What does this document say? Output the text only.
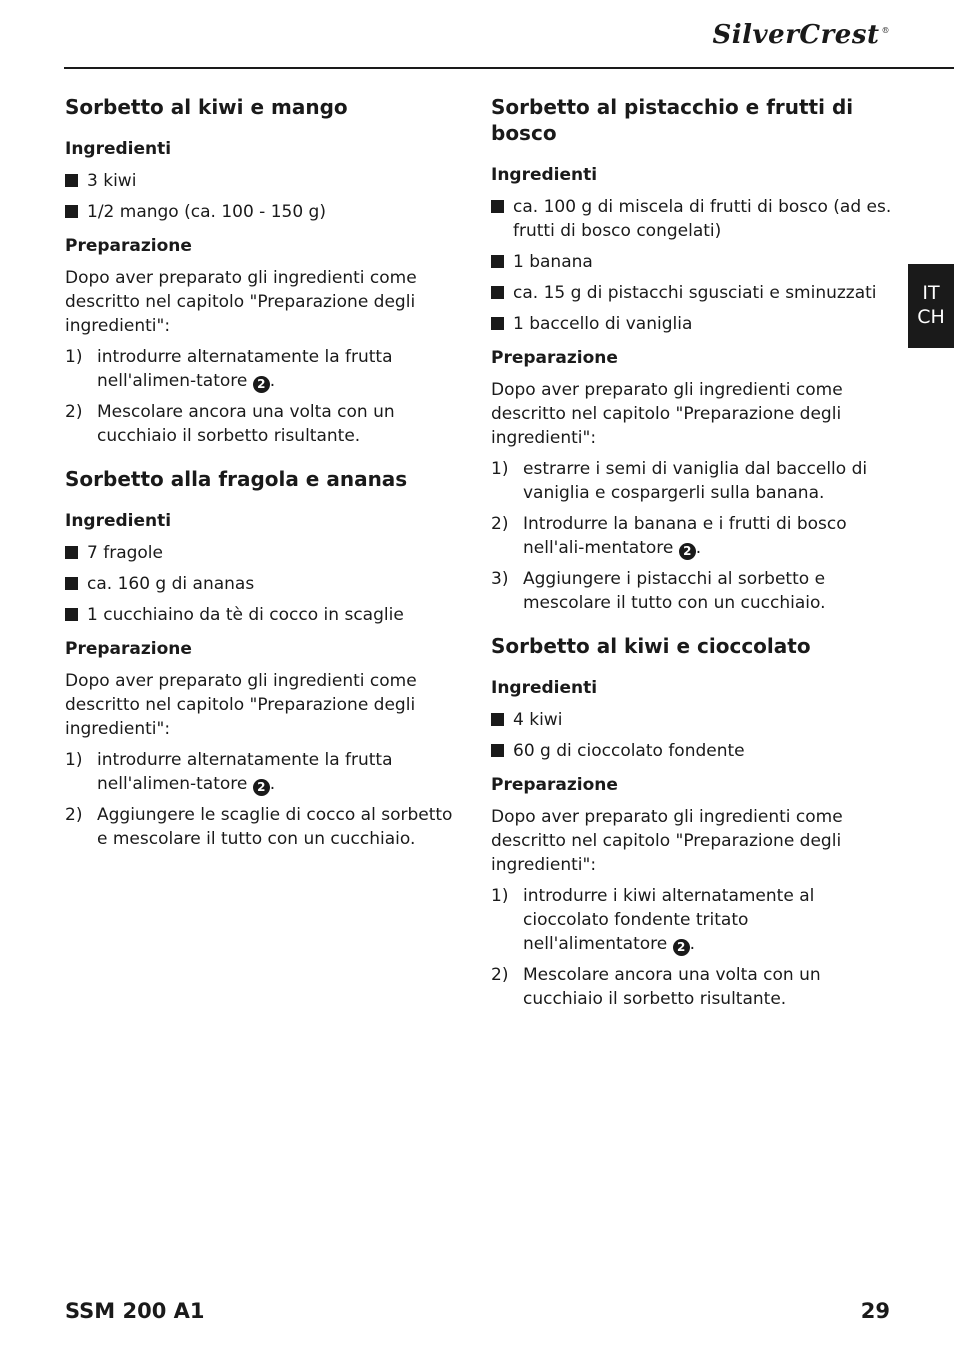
SilverCrest ®
IT
CH
Sorbetto al kiwi e mango
Ingredienti
3 kiwi
1/2 mango (ca. 100 - 150 g)
Preparazione

Dopo aver preparato gli ingredienti come descritto nel capitolo "Preparazione degli ingredienti":

1) introdurre alternatamente la frutta nell'alimen-tatore 2 .
2) Mescolare ancora una volta con un cucchiaio il sorbetto risultante.
Sorbetto alla fragola e ananas
Ingredienti
7 fragole
ca. 160 g di ananas
1 cucchiaino da tè di cocco in scaglie
Preparazione

Dopo aver preparato gli ingredienti come descritto nel capitolo "Preparazione degli ingredienti":

1) introdurre alternatamente la frutta nell'alimen-tatore 2 .
2) Aggiungere le scaglie di cocco al sorbetto e mescolare il tutto con un cucchiaio.
Sorbetto al pistacchio e frutti di bosco
Ingredienti
ca. 100 g di miscela di frutti di bosco (ad es. frutti di bosco congelati)
1 banana
ca. 15 g di pistacchi sgusciati e sminuzzati
1 baccello di vaniglia
Preparazione

Dopo aver preparato gli ingredienti come descritto nel capitolo "Preparazione degli ingredienti":

1) estrarre i semi di vaniglia dal baccello di vaniglia e cospargerli sulla banana.
2) Introdurre la banana e i frutti di bosco nell'ali-mentatore 2 .
3) Aggiungere i pistacchi al sorbetto e mescolare il tutto con un cucchiaio.
Sorbetto al kiwi e cioccolato
Ingredienti
4 kiwi
60 g di cioccolato fondente
Preparazione

Dopo aver preparato gli ingredienti come descritto nel capitolo "Preparazione degli ingredienti":

1) introdurre i kiwi alternatamente al cioccolato fondente tritato nell'alimentatore 2 .
2) Mescolare ancora una volta con un cucchiaio il sorbetto risultante.
SSM 200 A1	29
